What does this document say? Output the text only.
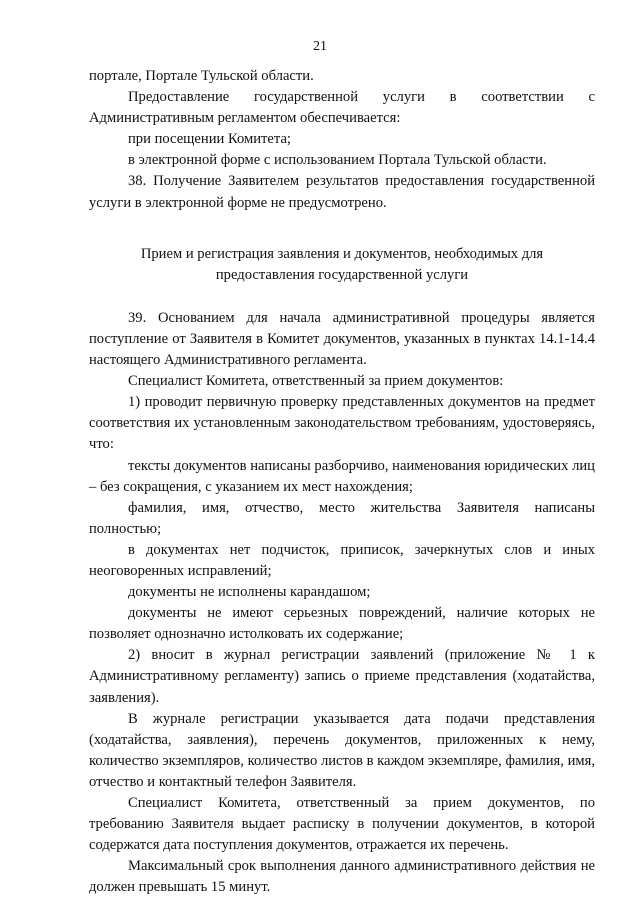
21

порталe, Портале Тульской области.

Предоставление государственной услуги в соответствии с Административным регламентом обеспечивается:

при посещении Комитета;

в электронной форме с использованием Портала Тульской области.

38. Получение Заявителем результатов предоставления государственной услуги в электронной форме не предусмотрено.

Прием и регистрация заявления и документов, необходимых для

предоставления государственной услуги

39. Основанием для начала административной процедуры является поступление от Заявителя в Комитет документов, указанных в пунктах 14.1-14.4 настоящего Административного регламента.

Специалист Комитета, ответственный за прием документов:

1) проводит первичную проверку представленных документов на предмет соответствия их установленным законодательством требованиям, удостоверяясь, что:

тексты документов написаны разборчиво, наименования юридических лиц – без сокращения, с указанием их мест нахождения;

фамилия, имя, отчество, место жительства Заявителя написаны полностью;

в документах нет подчисток, приписок, зачеркнутых слов и иных неоговоренных исправлений;

документы не исполнены карандашом;

документы не имеют серьезных повреждений, наличие которых не позволяет однозначно истолковать их содержание;

2) вносит в журнал регистрации заявлений (приложение № 1 к Административному регламенту) запись о приеме представления (ходатайства, заявления).

В журнале регистрации указывается дата подачи представления (ходатайства, заявления), перечень документов, приложенных к нему, количество экземпляров, количество листов в каждом экземпляре, фамилия, имя, отчество и контактный телефон Заявителя.

Специалист Комитета, ответственный за прием документов, по требованию Заявителя выдает расписку в получении документов, в которой содержатся дата поступления документов, отражается их перечень.

Максимальный срок выполнения данного административного действия не должен превышать 15 минут.
